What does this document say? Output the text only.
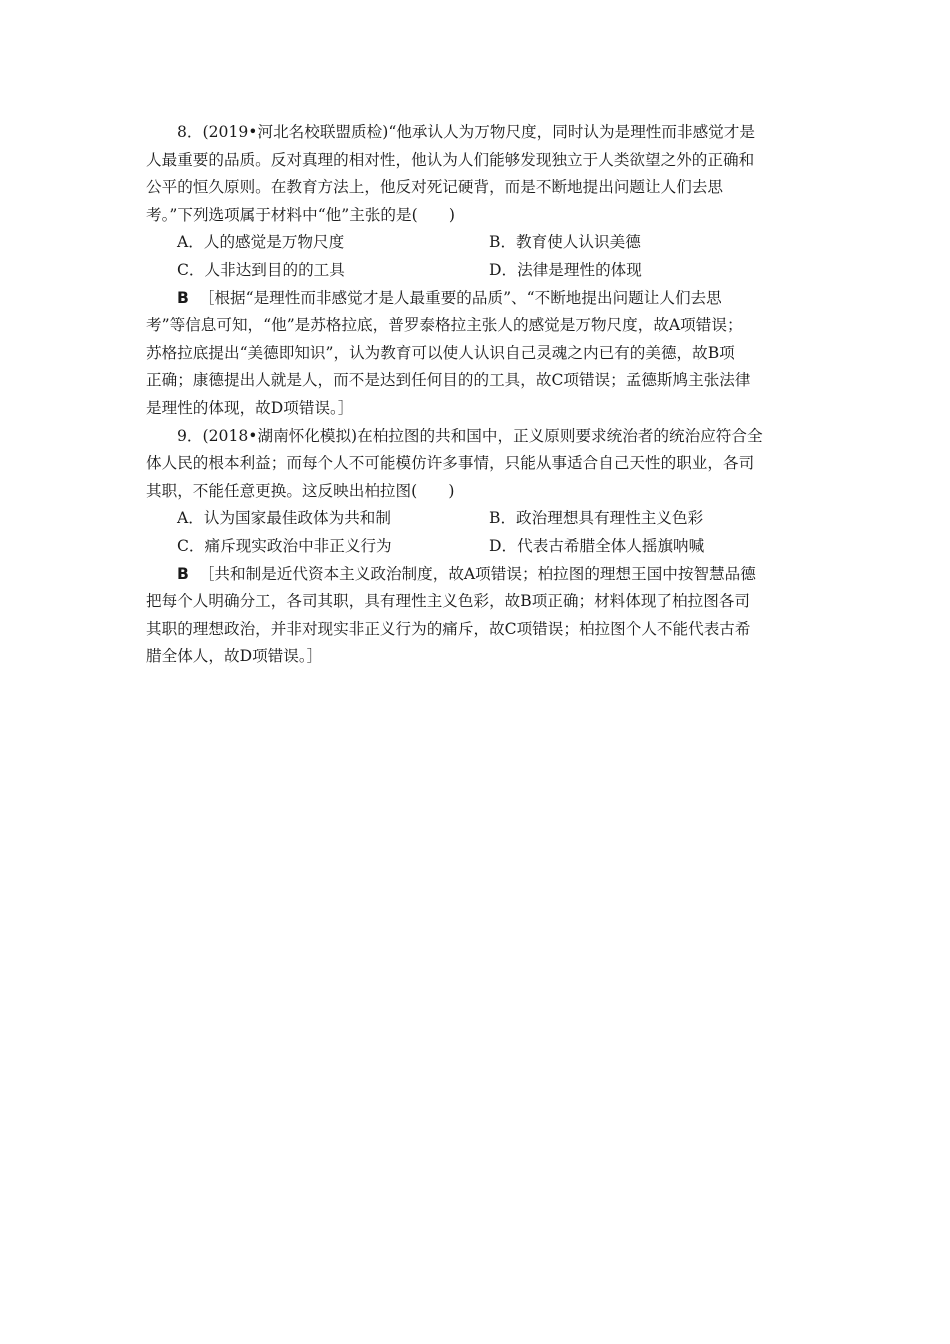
8．(2019•河北名校联盟质检)“他承认人为万物尺度，同时认为是理性而非感觉才是
人最重要的品质。反对真理的相对性，他认为人们能够发现独立于人类欲望之外的正确和
公平的恒久原则。在教育方法上，他反对死记硬背，而是不断地提出问题让人们去思
考。”下列选项属于材料中“他”主张的是(　　)
A．人的感觉是万物尺度	B．教育使人认识美德
C．人非达到目的的工具	D．法律是理性的体现
B ［根据“是理性而非感觉才是人最重要的品质”、“不断地提出问题让人们去思
考”等信息可知，“他”是苏格拉底，普罗泰格拉主张人的感觉是万物尺度，故A项错误；
苏格拉底提出“美德即知识”，认为教育可以使人认识自己灵魂之内已有的美德，故B项
正确；康德提出人就是人，而不是达到任何目的的工具，故C项错误；孟德斯鸠主张法律
是理性的体现，故D项错误。］
9．(2018•湖南怀化模拟)在柏拉图的共和国中，正义原则要求统治者的统治应符合全
体人民的根本利益；而每个人不可能模仿许多事情，只能从事适合自己天性的职业，各司
其职，不能任意更换。这反映出柏拉图(　　)
A．认为国家最佳政体为共和制	B．政治理想具有理性主义色彩
C．痛斥现实政治中非正义行为	D．代表古希腊全体人摇旗呐喊
B ［共和制是近代资本主义政治制度，故A项错误；柏拉图的理想王国中按智慧品德
把每个人明确分工，各司其职，具有理性主义色彩，故B项正确；材料体现了柏拉图各司
其职的理想政治，并非对现实非正义行为的痛斥，故C项错误；柏拉图个人不能代表古希
腊全体人，故D项错误。］
